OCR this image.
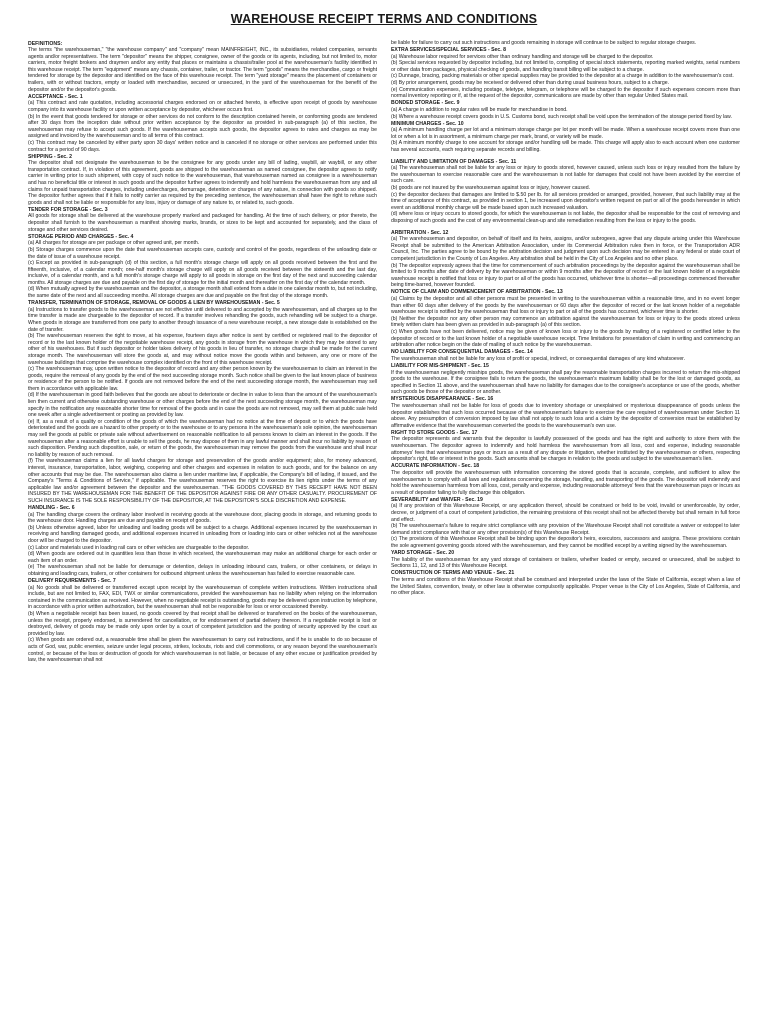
WAREHOUSE RECEIPT TERMS AND CONDITIONS

DEFINITIONS:

The terms "the warehouseman," "the warehouse company" and "company" mean MAINFREIGHT, INC., its subsidiaries, related companies, servants agents and/or representatives. The term "depositor" means the shipper, consignee, owner of the goods or its agents, including, but not limited to, motor carriers, motor freight brokers and draymen and/or any entity that places or maintains a chassis/trailer pool at the warehouseman's facility identified in this warehouse receipt. The term "equipment" means any chassis, container, trailer, or tractor. The term "goods" means the merchandise, cargo or freight tendered for storage by the depositor and identified on the face of this warehouse receipt. The term "yard storage" means the placement of containers or trailers, with or without tractors, empty or loaded with merchandise, secured or unsecured, in the yard of the warehouseman for the benefit of the depositor and/or the depositor's goods.

ACCEPTANCE - Sec. 1

(a) This contract and rate quotation, including accessorial charges endorsed on or attached hereto, is effective upon receipt of goods by warehouse company into its warehouse facility or upon written acceptance by depositor, whichever occurs first.

(b) In the event that goods tendered for storage or other services do not conform to the description contained herein, or conforming goods are tendered after 30 days from the inception date without prior written acceptance by the depositor as provided in sub-paragraph (a) of this section, the warehouseman may refuse to accept such goods. If the warehouseman accepts such goods, the depositor agrees to rates and charges as may be assigned and invoiced by the warehouseman and to all terms of this contract.

(c) This contract may be canceled by either party upon 30 days' written notice and is canceled if no storage or other services are performed under this contract for a period of 90 days.

SHIPPING - Sec. 2

The depositor shall not designate the warehouseman to be the consignee for any goods under any bill of lading, waybill, air waybill, or any other transportation contract. If, in violation of this agreement, goods are shipped to the warehouseman as named consignee, the depositor agrees to notify carrier in writing prior to such shipment, with copy of such notice to the warehouseman, that warehouseman named as consignee is a warehouseman and has no beneficial title or interest in such goods and the depositor further agrees to indemnify and hold harmless the warehouseman from any and all claims for unpaid transportation charges, including undercharges, demurrage, detention or charges of any nature, in connection with goods so shipped. The depositor further agrees that if it fails to notify carrier as required by the preceding sentence, the warehouseman shall have the right to refuse such goods and shall not be liable or responsible for any loss, injury or damage of any nature to, or related to, such goods.

TENDER FOR STORAGE - Sec. 3

All goods for storage shall be delivered at the warehouse properly marked and packaged for handling. At the time of such delivery, or prior thereto, the depositor shall furnish to the warehouseman a manifest showing marks, brands, or sizes to be kept and accounted for separately, and the class of storage and other services desired.

STORAGE PERIOD AND CHARGES - Sec. 4

(a) All charges for storage are per package or other agreed unit, per month.

(b) Storage charges commence upon the date that warehouseman accepts care, custody and control of the goods, regardless of the unloading date or the date of issue of a warehouse receipt.

(c) Except as provided in sub-paragraph (d) of this section, a full month's storage charge will apply on all goods received between the first and the fifteenth, inclusive, of a calendar month; one-half month's storage charge will apply on all goods received between the sixteenth and the last day, inclusive, of a calendar month, and a full month's storage charge will apply to all goods in storage on the first day of the next and succeeding calendar months. All storage charges are due and payable on the first day of storage for the initial month and thereafter on the first day of the calendar month.

(d) When mutually agreed by the warehouseman and the depositor, a storage month shall extend from a date in one calendar month to, but not including, the same date of the next and all succeeding months. All storage charges are due and payable on the first day of the storage month.

TRANSFER, TERMINATION OF STORAGE, REMOVAL OF GOODS & LIEN BY WAREHOUSEMAN - Sec. 5

(a) Instructions to transfer goods to the warehouseman are not effective until delivered to and accepted by the warehouseman, and all charges up to the time transfer is made are chargeable to the depositor of record. If a transfer involves rehandling the goods, such rehandling will be subject to a charge. When goods in storage are transferred from one party to another through issuance of a new warehouse receipt, a new storage date is established on the date of transfer.

(b) The warehouseman reserves the right to move, at his expense, fourteen days after notice is sent by certified or registered mail to the depositor of record or to the last known holder of the negotiable warehouse receipt, any goods in storage from the warehouse in which they may be stored to any other of his warehouses. But if such depositor or holder takes delivery of his goods in lieu of transfer, no storage charge shall be made for the current storage month. The warehouseman will store the goods at, and may without notice move the goods within and between, any one or more of the warehouse buildings that comprise the warehouse complex identified on the front of this warehouse receipt.

(c) The warehouseman may, upon written notice to the depositor of record and any other person known by the warehouseman to claim an interest in the goods, require the removal of any goods by the end of the next succeeding storage month. Such notice shall be given to the last known place of business or residence of the person to be notified. If goods are not removed before the end of the next succeeding storage month, the warehouseman may sell them in accordance with applicable law.

(d) If the warehouseman in good faith believes that the goods are about to deteriorate or decline in value to less than the amount of the warehouseman's lien then current and otherwise outstanding warehouse or other charges before the end of the next succeeding storage month, the warehouseman may specify in the notification any reasonable shorter time for removal of the goods and in case the goods are not removed, may sell them at public sale held one week after a single advertisement or posting as provided by law.

(e) If, as a result of a quality or condition of the goods of which the warehouseman had no notice at the time of deposit or to which the goods have deteriorated and the goods are a hazard to other property or to the warehouse or to any persons in the warehouseman's sole opinion, the warehouseman may sell the goods at public or private sale without advertisement on reasonable notification to all persons known to claim an interest in the goods. If the warehouseman after a reasonable effort is unable to sell the goods, he may dispose of them in any lawful manner and shall incur no liability by reason of such disposition. Pending such disposition, sale, or return of the goods, the warehouseman may remove the goods from the warehouse and shall incur no liability by reason of such removal.

(f) The warehouseman claims a lien for all lawful charges for storage and preservation of the goods and/or equipment; also, for money advanced, interest, insurance, transportation, labor, weighing, coopering and other charges and expenses in relation to such goods, and for the balance on any other accounts that may be due. The warehouseman also claims a lien under maritime law, if applicable, the Company's bill of lading, if issued, and the Company's "Terms & Conditions of Service," if applicable. The warehouseman reserves the right to exercise its lien rights under the terms of any applicable law and/or agreement between the depositor and the warehouseman. "THE GOODS COVERED BY THIS RECEIPT HAVE NOT BEEN INSURED BY THE WAREHOUSEMAN FOR THE BENEFIT OF THE DEPOSITOR AGAINST FIRE OR ANY OTHER CASUALTY. PROCUREMENT OF SUCH INSURANCE IS THE SOLE RESPONSIBILITY OF THE DEPOSITOR, AT THE DEPOSITOR'S SOLE DISCRETION AND EXPENSE.

HANDLING - Sec. 6

(a) The handling charge covers the ordinary labor involved in receiving goods at the warehouse door, placing goods in storage, and returning goods to the warehouse door. Handling charges are due and payable on receipt of goods.

(b) Unless otherwise agreed, labor for unloading and loading goods will be subject to a charge. Additional expenses incurred by the warehouseman in receiving and handling damaged goods, and additional expenses incurred in unloading from or loading into cars or other vehicles not at the warehouse door will be charged to the depositor.

(c) Labor and materials used in loading rail cars or other vehicles are chargeable to the depositor.

(d) When goods are ordered out in quantities less than those in which received, the warehouseman may make an additional charge for each order or each item of an order.

(e) The warehouseman shall not be liable for demurrage or detention, delays in unloading inbound cars, trailers, or other containers, or delays in obtaining and loading cars, trailers, or other containers for outbound shipment unless the warehouseman has failed to exercise reasonable care.

DELIVERY REQUIREMENTS - Sec. 7

(a) No goods shall be delivered or transferred except upon receipt by the warehouseman of complete written instructions. Written instructions shall include, but are not limited to, FAX, EDI, TWX or similar communications, provided the warehouseman has no liability when relying on the information contained in the communication as received. However, when no negotiable receipt is outstanding, goods may be delivered upon instruction by telephone, in accordance with a prior written authorization, but the warehouseman shall not be responsible for loss or error occasioned thereby.

(b) When a negotiable receipt has been issued, no goods covered by that receipt shall be delivered or transferred on the books of the warehouseman, unless the receipt, properly endorsed, is surrendered for cancellation, or for endorsement of partial delivery thereon. If a negotiable receipt is lost or destroyed, delivery of goods may be made only upon order by a court of competent jurisdiction and the posting of security approved by the court as provided by law.

(c) When goods are ordered out, a reasonable time shall be given the warehouseman to carry out instructions, and if he is unable to do so because of acts of God, war, public enemies, seizure under legal process, strikes, lockouts, riots and civil commotions, or any reason beyond the warehouseman's control, or because of the loss or destruction of goods for which warehouseman is not liable, or because of any other excuse or justification provided by law, the warehouseman shall not

be liable for failure to carry out such instructions and goods remaining in storage will continue to be subject to regular storage charges.

EXTRA SERVICES/SPECIAL SERVICES - Sec. 8

(a) Warehouse labor required for services other than ordinary handling and storage will be charged to the depositor.

(b) Special services requested by depositor including, but not limited to, compiling of special stock statements, reporting marked weights, serial numbers or other data from packages, physical checking of goods, and handling transit billing will be subject to a charge.

(c) Dunnage, bracing, packing materials or other special supplies may be provided to the depositor at a charge in addition to the warehouseman's cost.

(d) By prior arrangement, goods may be received or delivered other than during usual business hours, subject to a charge.

(e) Communication expenses, including postage, teletype, telegram, or telephone will be charged to the depositor if such expenses concern more than normal inventory reporting or if, at the request of the depositor, communications are made by other than regular United States mail.

BONDED STORAGE - Sec. 9

(a) A charge in addition to regular rates will be made for merchandise in bond.

(b) Where a warehouse receipt covers goods in U.S. Customs bond, such receipt shall be void upon the termination of the storage period fixed by law.

MINIMUM CHARGES - Sec. 10

(a) A minimum handling charge per lot and a minimum storage charge per lot per month will be made. When a warehouse receipt covers more than one lot or when a lot is in assortment, a minimum charge per mark, brand, or variety will be made.

(b) A minimum monthly charge to one account for storage and/or handling will be made. This charge will apply also to each account when one customer has several accounts, each requiring separate records and billing.

LIABILITY AND LIMITATION OF DAMAGES - Sec. 11

(a) The warehouseman shall not be liable for any loss or injury to goods stored, however caused, unless such loss or injury resulted from the failure by the warehouseman to exercise reasonable care and the warehouseman is not liable for damages that could not have been avoided by the exercise of such care.

(b) goods are not insured by the warehouseman against loss or injury, however caused.

(c) the depositor declares that damages are limited to $.50 per lb. for all services provided or arranged, provided, however, that such liability may at the time of acceptance of this contract, as provided in section 1, be increased upon depositor's written request on part or all of the goods hereunder in which event an additional monthly charge will be made based upon such increased valuation.

(d) where loss or injury occurs to stored goods, for which the warehouseman is not liable, the depositor shall be responsible for the cost of removing and disposing of such goods and the cost of any environmental clean-up and site remediation resulting from the loss or injury to the goods.

ARBITRATION - Sec. 12

(a) The warehouseman and depositor, on behalf of itself and its heirs, assigns, and/or subrogees, agree that any dispute arising under this Warehouse Receipt shall be submitted to the American Arbitration Association, under its Commercial Arbitration rules then in force, or the Transportation ADR Council, Inc. The parties agree to be bound by the arbitration decision and judgment upon such decision may be entered in any federal or state court of competent jurisdiction in the County of Los Angeles. Any arbitration shall be held in the City of Los Angeles and no other place.

(b) The depositor expressly agrees that the time for commencement of such arbitration proceedings by the depositor against the warehouseman shall be limited to 9 months after date of delivery by the warehouseman or within 9 months after the depositor of record or the last known holder of a negotiable warehouse receipt is notified that loss or injury to part or all of the goods has occurred, whichever time is shorter—all proceedings commenced thereafter being time-barred, however founded.

NOTICE OF CLAIM AND COMMENCEMENT OF ARBITRATION - Sec. 13

(a) Claims by the depositor and all other persons must be presented in writing to the warehouseman within a reasonable time, and in no event longer than either 60 days after delivery of the goods by the warehouseman or 60 days after the depositor of record or the last known holder of a negotiable warehouse receipt is notified by the warehouseman that loss or injury to part or all of the goods has occurred, whichever time is shorter.

(b) Neither the depositor nor any other person may commence an arbitration against the warehouseman for loss or injury to the goods stored unless timely written claim has been given as provided in sub-paragraph (a) of this section.

(c) When goods have not been delivered, notice may be given of known loss or injury to the goods by mailing of a registered or certified letter to the depositor of record or to the last known holder of a negotiable warehouse receipt. Time limitations for presentation of claim in writing and commencing an arbitration after notice begin on the date of mailing of such notice by the warehouseman.

NO LIABILITY FOR CONSEQUENTIAL DAMAGES - Sec. 14

The warehouseman shall not be liable for any loss of profit or special, indirect, or consequential damages of any kind whatsoever.

LIABILITY FOR MIS-SHIPMENT - Sec. 15

If the warehouseman negligently misships goods, the warehouseman shall pay the reasonable transportation charges incurred to return the mis-shipped goods to the warehouse. If the consignee fails to return the goods, the warehouseman's maximum liability shall be for the lost or damaged goods, as specified in Section 11 above, and the warehouseman shall have no liability for damages due to the consignee's acceptance or use of the goods, whether such goods be those of the depositor or another.

MYSTERIOUS DISAPPEARANCE - Sec. 16

The warehouseman shall not be liable for loss of goods due to inventory shortage or unexplained or mysterious disappearance of goods unless the depositor establishes that such loss occurred because of the warehouseman's failure to exercise the care required of warehouseman under Section 11 above. Any presumption of conversion imposed by law shall not apply to such loss and a claim by the depositor of conversion must be established by affirmative evidence that the warehouseman converted the goods to the warehouseman's own use.

RIGHT TO STORE GOODS - Sec. 17

The depositor represents and warrants that the depositor is lawfully possessed of the goods and has the right and authority to store them with the warehouseman. The depositor agrees to indemnify and hold harmless the warehouseman from all loss, cost and expense, including reasonable attorneys' fees that warehouseman pays or incurs as a result of any dispute or litigation, whether instituted by the warehouseman or others, respecting depositor's right, title or interest in the goods. Such amounts shall be charges in relation to the goods and subject to the warehouseman's lien.

ACCURATE INFORMATION - Sec. 18

The depositor will provide the warehouseman with information concerning the stored goods that is accurate, complete, and sufficient to allow the warehouseman to comply with all laws and regulations concerning the storage, handling, and transporting of the goods. The depositor will indemnify and hold the warehouseman harmless from all loss, cost, penalty and expense, including reasonable attorneys' fees that the warehouseman pays or incurs as a result of depositor failing to fully discharge this obligation.

SEVERABILITY and WAIVER - Sec. 19

(a) If any provision of this Warehouse Receipt, or any application thereof, should be construed or held to be void, invalid or unenforceable, by order, decree, or judgment of a court of competent jurisdiction, the remaining provisions of this receipt shall not be affected thereby but shall remain in full force and effect.

(b) The warehouseman's failure to require strict compliance with any provision of the Warehouse Receipt shall not constitute a waiver or estoppel to later demand strict compliance with that or any other provision(s) of this Warehouse Receipt.

(c) The provisions of this Warehouse Receipt shall be binding upon the depositor's heirs, executors, successors and assigns. These provisions contain the sole agreement governing goods stored with the warehouseman, and they cannot be modified except by a writing signed by the warehouseman.

YARD STORAGE - Sec. 20

The liability of the warehouseman for any yard storage of containers or trailers, whether loaded or empty, secured or unsecured, shall be subject to Sections 11, 12, and 13 of this Warehouse Receipt.

CONSTRUCTION OF TERMS AND VENUE - Sec. 21

The terms and conditions of this Warehouse Receipt shall be construed and interpreted under the laws of the State of California, except when a law of the United States, convention, treaty, or other law is otherwise compulsorily applicable. Proper venue is the City of Los Angeles, State of California, and no other place.
